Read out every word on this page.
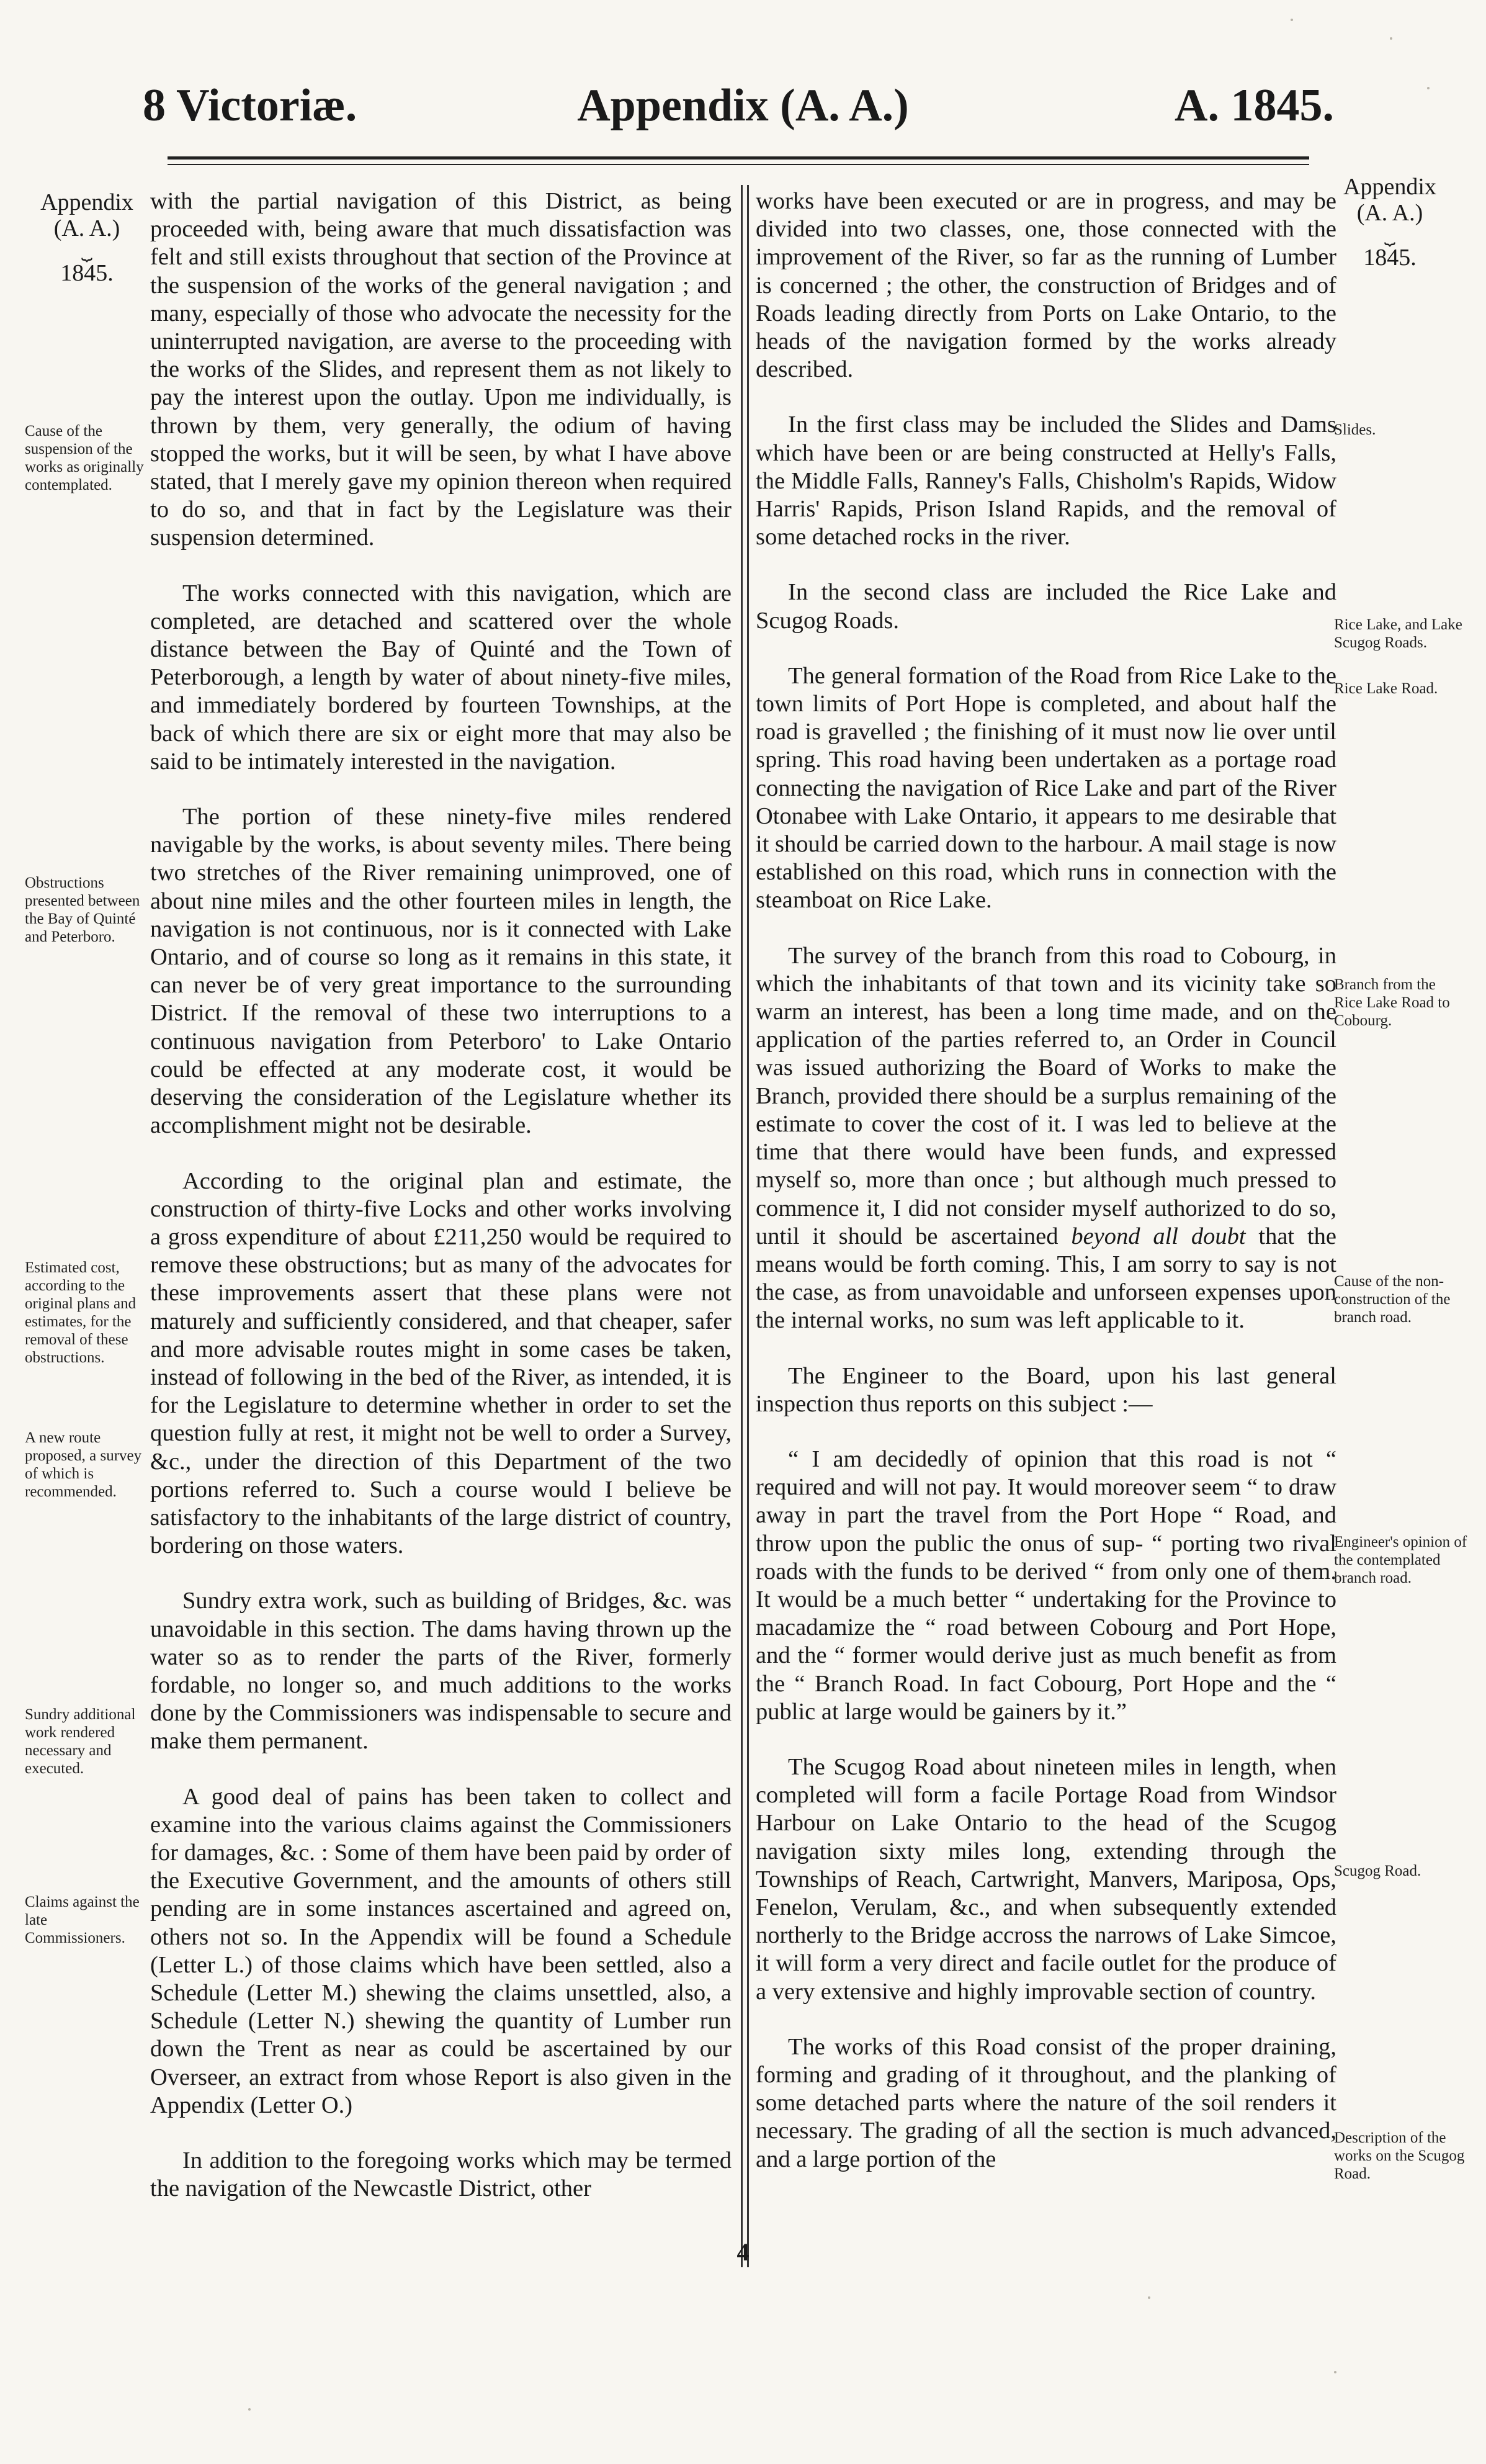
8 Victoriæ.	Appendix (A. A.)	A. 1845.
Appendix
(A. A.)
⏟
1845.
Appendix
(A. A.)
⏟
1845.

with the partial navigation of this District, as being proceeded with, being aware that much dissatisfaction was felt and still exists throughout that section of the Province at the suspension of the works of the general navigation ; and many, especially of those who advocate the necessity for the uninterrupted navigation, are averse to the proceeding with the works of the Slides, and represent them as not likely to pay the interest upon the outlay. Upon me individually, is thrown by them, very generally, the odium of having stopped the works, but it will be seen, by what I have above stated, that I merely gave my opinion thereon when required to do so, and that in fact by the Legislature was their suspension determined.

The works connected with this navigation, which are completed, are detached and scattered over the whole distance between the Bay of Quinté and the Town of Peterborough, a length by water of about ninety-five miles, and immediately bordered by fourteen Townships, at the back of which there are six or eight more that may also be said to be intimately interested in the navigation.

The portion of these ninety-five miles rendered navigable by the works, is about seventy miles. There being two stretches of the River remaining unimproved, one of about nine miles and the other fourteen miles in length, the navigation is not continuous, nor is it connected with Lake Ontario, and of course so long as it remains in this state, it can never be of very great importance to the surrounding District. If the removal of these two interruptions to a continuous navigation from Peterboro' to Lake Ontario could be effected at any moderate cost, it would be deserving the consideration of the Legislature whether its accomplishment might not be desirable.

According to the original plan and estimate, the construction of thirty-five Locks and other works involving a gross expenditure of about £211,250 would be required to remove these obstructions; but as many of the advocates for these improvements assert that these plans were not maturely and sufficiently considered, and that cheaper, safer and more advisable routes might in some cases be taken, instead of following in the bed of the River, as intended, it is for the Legislature to determine whether in order to set the question fully at rest, it might not be well to order a Survey, &c., under the direction of this Department of the two portions referred to. Such a course would I believe be satisfactory to the inhabitants of the large district of country, bordering on those waters.

Sundry extra work, such as building of Bridges, &c. was unavoidable in this section. The dams having thrown up the water so as to render the parts of the River, formerly fordable, no longer so, and much additions to the works done by the Commissioners was indispensable to secure and make them permanent.

A good deal of pains has been taken to collect and examine into the various claims against the Commissioners for damages, &c. : Some of them have been paid by order of the Executive Government, and the amounts of others still pending are in some instances ascertained and agreed on, others not so. In the Appendix will be found a Schedule (Letter L.) of those claims which have been settled, also a Schedule (Letter M.) shewing the claims unsettled, also, a Schedule (Letter N.) shewing the quantity of Lumber run down the Trent as near as could be ascertained by our Overseer, an extract from whose Report is also given in the Appendix (Letter O.)

In addition to the foregoing works which may be termed the navigation of the Newcastle District, other

works have been executed or are in progress, and may be divided into two classes, one, those connected with the improvement of the River, so far as the running of Lumber is concerned ; the other, the construction of Bridges and of Roads leading directly from Ports on Lake Ontario, to the heads of the navigation formed by the works already described.

In the first class may be included the Slides and Dams which have been or are being constructed at Helly's Falls, the Middle Falls, Ranney's Falls, Chisholm's Rapids, Widow Harris' Rapids, Prison Island Rapids, and the removal of some detached rocks in the river.

In the second class are included the Rice Lake and Scugog Roads.

The general formation of the Road from Rice Lake to the town limits of Port Hope is completed, and about half the road is gravelled ; the finishing of it must now lie over until spring. This road having been undertaken as a portage road connecting the navigation of Rice Lake and part of the River Otonabee with Lake Ontario, it appears to me desirable that it should be carried down to the harbour. A mail stage is now established on this road, which runs in connection with the steamboat on Rice Lake.

The survey of the branch from this road to Cobourg, in which the inhabitants of that town and its vicinity take so warm an interest, has been a long time made, and on the application of the parties referred to, an Order in Council was issued authorizing the Board of Works to make the Branch, provided there should be a surplus remaining of the estimate to cover the cost of it. I was led to believe at the time that there would have been funds, and expressed myself so, more than once ; but although much pressed to commence it, I did not consider myself authorized to do so, until it should be ascertained beyond all doubt that the means would be forth coming. This, I am sorry to say is not the case, as from unavoidable and unforseen expenses upon the internal works, no sum was left applicable to it.

The Engineer to the Board, upon his last general inspection thus reports on this subject :—

“ I am decidedly of opinion that this road is not “ required and will not pay. It would moreover seem “ to draw away in part the travel from the Port Hope “ Road, and throw upon the public the onus of sup- “ porting two rival roads with the funds to be derived “ from only one of them. It would be a much better “ undertaking for the Province to macadamize the “ road between Cobourg and Port Hope, and the “ former would derive just as much benefit as from the “ Branch Road. In fact Cobourg, Port Hope and the “ public at large would be gainers by it.”

The Scugog Road about nineteen miles in length, when completed will form a facile Portage Road from Windsor Harbour on Lake Ontario to the head of the Scugog navigation sixty miles long, extending through the Townships of Reach, Cartwright, Manvers, Mariposa, Ops, Fenelon, Verulam, &c., and when subsequently extended northerly to the Bridge accross the narrows of Lake Simcoe, it will form a very direct and facile outlet for the produce of a very extensive and highly improvable section of country.

The works of this Road consist of the proper draining, forming and grading of it throughout, and the planking of some detached parts where the nature of the soil renders it necessary. The grading of all the section is much advanced, and a large portion of the

Cause of the suspension of the works as originally contemplated.
Obstructions presented between the Bay of Quinté and Peterboro.
Estimated cost, according to the original plans and estimates, for the removal of these obstructions.
A new route proposed, a survey of which is recommended.
Sundry additional work rendered necessary and executed.
Claims against the late Commissioners.
Slides.
Rice Lake, and Lake Scugog Roads.
Rice Lake Road.
Branch from the Rice Lake Road to Cobourg.
Cause of the non-construction of the branch road.
Engineer's opinion of the contemplated branch road.
Scugog Road.
Description of the works on the Scugog Road.
4
